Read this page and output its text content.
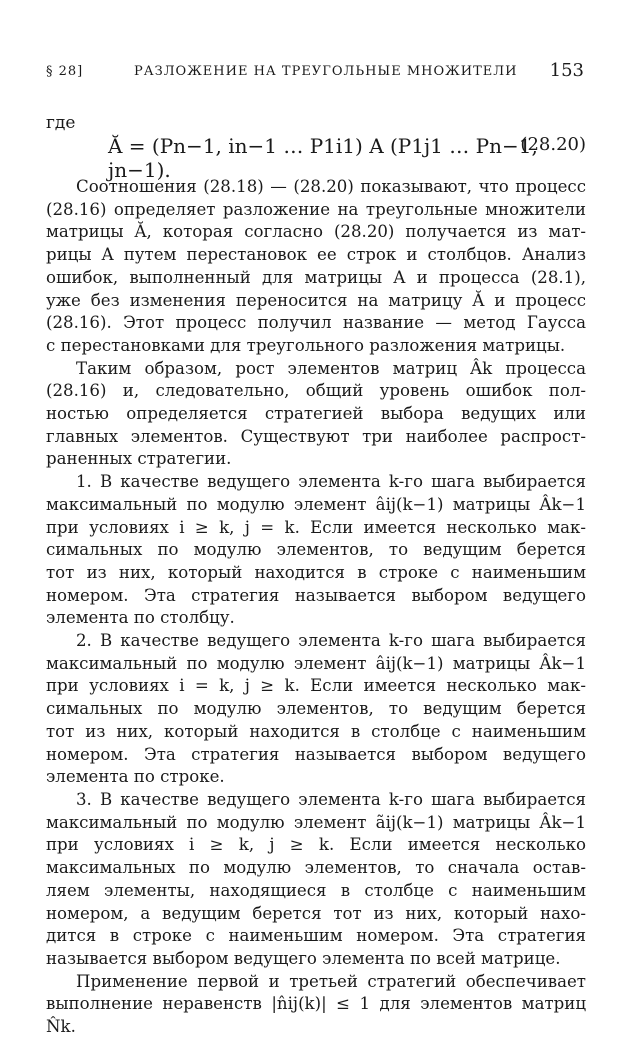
§ 28]	РАЗЛОЖЕНИЕ НА ТРЕУГОЛЬНЫЕ МНОЖИТЕЛИ 153
где
Ă = (Pn−1, in−1 … P1i1) A (P1j1 … Pn−1, jn−1).
(28.20)
Соотношения (28.18) — (28.20) показывают, что процесс
(28.16) определяет разложение на треугольные множители
матрицы Ă, которая согласно (28.20) получается из мат-
рицы A путем перестановок ее строк и столбцов. Анализ
ошибок, выполненный для матрицы A и процесса (28.1),
уже без изменения переносится на матрицу Ă и процесс
(28.16). Этот процесс получил название — метод Гаусса
с перестановками для треугольного разложения матрицы.
Таким образом, рост элементов матриц Âk процесса
(28.16) и, следовательно, общий уровень ошибок пол-
ностью определяется стратегией выбора ведущих или
главных элементов. Существуют три наиболее распрост-
раненных стратегии.
1. В качестве ведущего элемента k-го шага выбирается
максимальный по модулю элемент âij(k−1) матрицы Âk−1
при условиях i ≥ k, j = k. Если имеется несколько мак-
симальных по модулю элементов, то ведущим берется
тот из них, который находится в строке с наименьшим
номером. Эта стратегия называется выбором ведущего
элемента по столбцу.
2. В качестве ведущего элемента k-го шага выбирается
максимальный по модулю элемент âij(k−1) матрицы Âk−1
при условиях i = k, j ≥ k. Если имеется несколько мак-
симальных по модулю элементов, то ведущим берется
тот из них, который находится в столбце с наименьшим
номером. Эта стратегия называется выбором ведущего
элемента по строке.
3. В качестве ведущего элемента k-го шага выбирается
максимальный по модулю элемент ãij(k−1) матрицы Âk−1
при условиях i ≥ k, j ≥ k. Если имеется несколько
максимальных по модулю элементов, то сначала остав-
ляем элементы, находящиеся в столбце с наименьшим
номером, а ведущим берется тот из них, который нахо-
дится в строке с наименьшим номером. Эта стратегия
называется выбором ведущего элемента по всей матрице.
Применение первой и третьей стратегий обеспечивает
выполнение неравенств |n̂ij(k)| ≤ 1 для элементов матриц N̂k.
